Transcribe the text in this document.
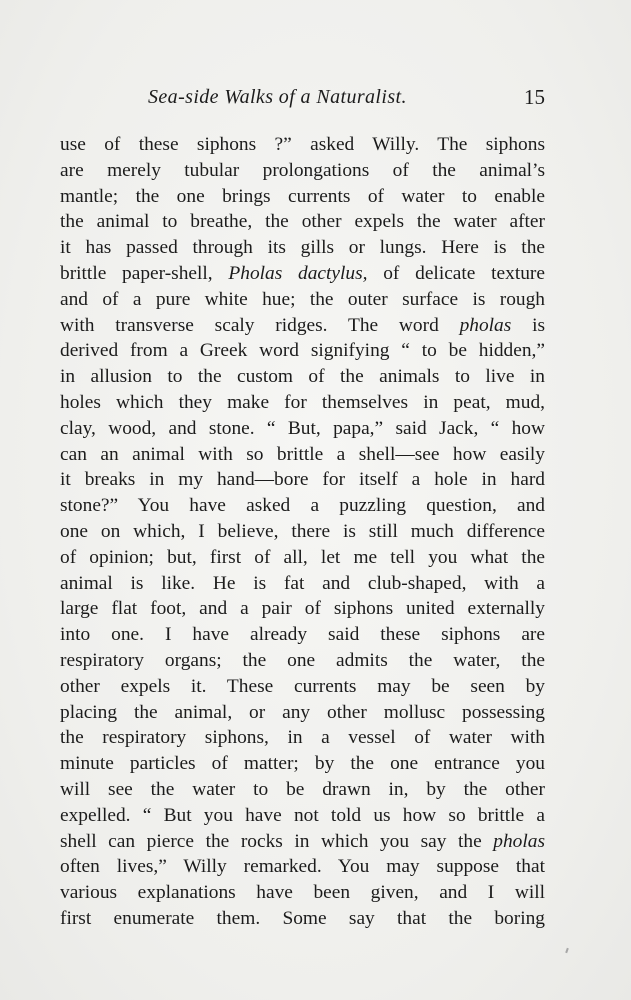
Sea-side Walks of a Naturalist.	15
use of these siphons ?” asked Willy. The siphons
are merely tubular prolongations of the animal’s
mantle; the one brings currents of water to enable
the animal to breathe, the other expels the water after
it has passed through its gills or lungs. Here is the
brittle paper-shell, Pholas dactylus, of delicate texture
and of a pure white hue; the outer surface is rough
with transverse scaly ridges. The word pholas is
derived from a Greek word signifying “ to be hidden,”
in allusion to the custom of the animals to live in
holes which they make for themselves in peat, mud,
clay, wood, and stone. “ But, papa,” said Jack, “ how
can an animal with so brittle a shell—see how easily
it breaks in my hand—bore for itself a hole in hard
stone?” You have asked a puzzling question, and
one on which, I believe, there is still much difference
of opinion; but, first of all, let me tell you what the
animal is like. He is fat and club-shaped, with a
large flat foot, and a pair of siphons united externally
into one. I have already said these siphons are
respiratory organs; the one admits the water, the
other expels it. These currents may be seen by
placing the animal, or any other mollusc possessing
the respiratory siphons, in a vessel of water with
minute particles of matter; by the one entrance you
will see the water to be drawn in, by the other
expelled. “ But you have not told us how so brittle a
shell can pierce the rocks in which you say the pholas
often lives,” Willy remarked. You may suppose that
various explanations have been given, and I will
first enumerate them. Some say that the boring
